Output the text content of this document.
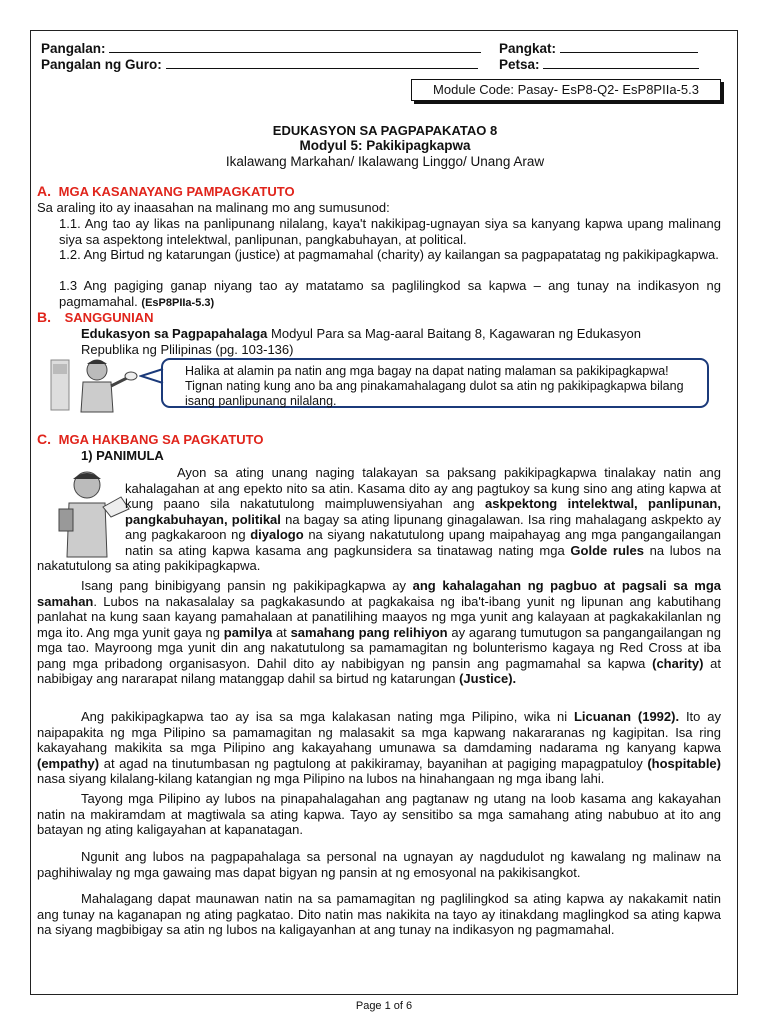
Pangalan:	Pangkat:
Pangalan ng Guro:	Petsa:
Module Code: Pasay- EsP8-Q2- EsP8PIIa-5.3
EDUKASYON SA PAGPAPAKATAO 8
Modyul 5: Pakikipagkapwa
Ikalawang Markahan/ Ikalawang Linggo/ Unang Araw
A. MGA KASANAYANG PAMPAGKATUTO
Sa araling ito ay inaasahan na malinang mo ang sumusunod:
1.1. Ang tao ay likas na panlipunang nilalang, kaya't nakikipag-ugnayan siya sa kanyang kapwa upang malinang siya sa aspektong intelektwal, panlipunan, pangkabuhayan, at political.
1.2. Ang Birtud ng katarungan (justice) at pagmamahal (charity) ay kailangan sa pagpapatatag ng pakikipagkapwa.
1.3 Ang pagiging ganap niyang tao ay matatamo sa paglilingkod sa kapwa – ang tunay na indikasyon ng pagmamahal. (EsP8PIIa-5.3)
B. SANGGUNIAN
Edukasyon sa Pagpapahalaga Modyul Para sa Mag-aaral Baitang 8, Kagawaran ng Edukasyon
Republika ng Plilipinas (pg. 103-136)
Halika at alamin pa natin ang mga bagay na dapat nating malaman sa pakikipagkapwa! Tignan nating kung ano ba ang pinakamahalagang dulot sa atin ng pakikipagkapwa bilang isang panlipunang nilalang.
C. MGA HAKBANG SA PAGKATUTO
1) PANIMULA
Ayon sa ating unang naging talakayan sa paksang pakikipagkapwa tinalakay natin ang kahalagahan at ang epekto nito sa atin. Kasama dito ay ang pagtukoy sa kung sino ang ating kapwa at kung paano sila nakatutulong maimpluwensiyahan ang askpektong intelektwal, panlipunan, pangkabuhayan, politikal na bagay sa ating lipunang ginagalawan. Isa ring mahalagang askpekto ay ang pagkakaroon ng diyalogo na siyang nakatutulong upang maipahayag ang mga pangangailangan natin sa ating kapwa kasama ang pagkunsidera sa tinatawag nating mga Golde rules na lubos na nakatutulong sa ating pakikipagkapwa.
Isang pang binibigyang pansin ng pakikipagkapwa ay ang kahalagahan ng pagbuo at pagsali sa mga samahan. Lubos na nakasalalay sa pagkakasundo at pagkakaisa ng iba't-ibang yunit ng lipunan ang kabutihang panlahat na kung saan kayang pamahalaan at panatilihing maayos ng mga yunit ang kalayaan at pagkakakilanlan ng mga ito. Ang mga yunit gaya ng pamilya at samahang pang relihiyon ay agarang tumutugon sa pangangailangan ng mga tao. Mayroong mga yunit din ang nakatutulong sa pamamagitan ng bolunterismo kagaya ng Red Cross at iba pang mga pribadong organisasyon. Dahil dito ay nabibigyan ng pansin ang pagmamahal sa kapwa (charity) at nabibigay ang nararapat nilang matanggap dahil sa birtud ng katarungan (Justice).
Ang pakikipagkapwa tao ay isa sa mga kalakasan nating mga Pilipino, wika ni Licuanan (1992). Ito ay naipapakita ng mga Pilipino sa pamamagitan ng malasakit sa mga kapwang nakararanas ng kagipitan. Isa ring kakayahang makikita sa mga Pilipino ang kakayahang umunawa sa damdaming nadarama ng kanyang kapwa (empathy) at agad na tinutumbasan ng pagtulong at pakikiramay, bayanihan at pagiging mapagpatuloy (hospitable) nasa siyang kilalang-kilang katangian ng mga Pilipino na lubos na hinahangaan ng mga ibang lahi.
Tayong mga Pilipino ay lubos na pinapahalagahan ang pagtanaw ng utang na loob kasama ang kakayahan natin na makiramdam at magtiwala sa ating kapwa. Tayo ay sensitibo sa mga samahang ating nabubuo at ito ang batayan ng ating kaligayahan at kapanatagan.
Ngunit ang lubos na pagpapahalaga sa personal na ugnayan ay nagdudulot ng kawalang ng malinaw na paghihiwalay ng mga gawaing mas dapat bigyan ng pansin at ng emosyonal na pakikisangkot.
Mahalagang dapat maunawan natin na sa pamamagitan ng paglilingkod sa ating kapwa ay nakakamit natin ang tunay na kaganapan ng ating pagkatao. Dito natin mas nakikita na tayo ay itinakdang maglingkod sa ating kapwa na siyang magbibigay sa atin ng lubos na kaligayanhan at ang tunay na indikasyon ng pagmamahal.
Page 1 of 6
